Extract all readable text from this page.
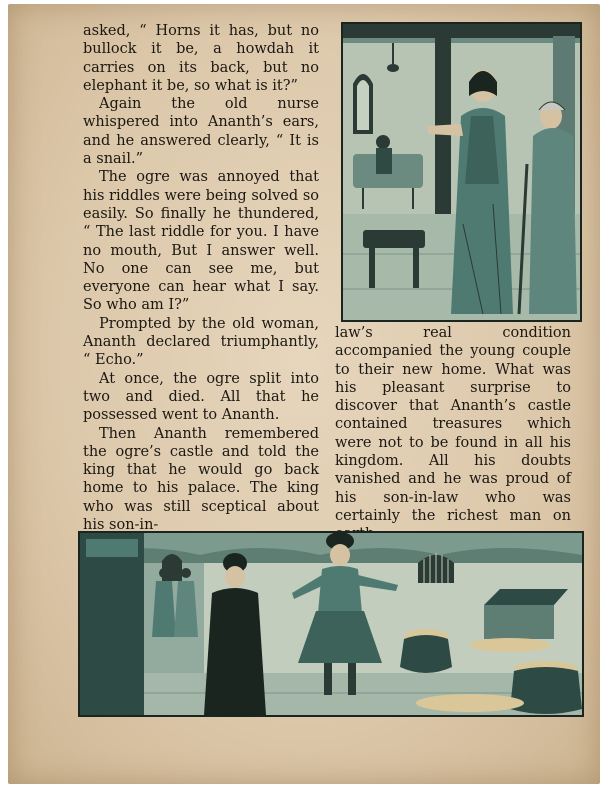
asked, “ Horns it has, but no bullock it be, a howdah it carries on its back, but no elephant it be, so what is it?”

Again the old nurse whispered into Ananth’s ears, and he answered clearly, “ It is a snail.”

The ogre was annoyed that his riddles were being solved so easily. So finally he thundered, “ The last riddle for you. I have no mouth, But I answer well. No one can see me, but everyone can hear what I say. So who am I?”

Prompted by the old woman, Ananth declared triumphantly, “ Echo.”

At once, the ogre split into two and died. All that he possessed went to Ananth.

Then Ananth remembered the ogre’s castle and told the king that he would go back home to his palace. The king who was still sceptical about his son-in-

law’s real condition accompanied the young couple to their new home. What was his pleasant surprise to discover that Ananth’s castle contained treasures which were not to be found in all his kingdom. All his doubts vanished and he was proud of his son-in-law who was certainly the richest man on
